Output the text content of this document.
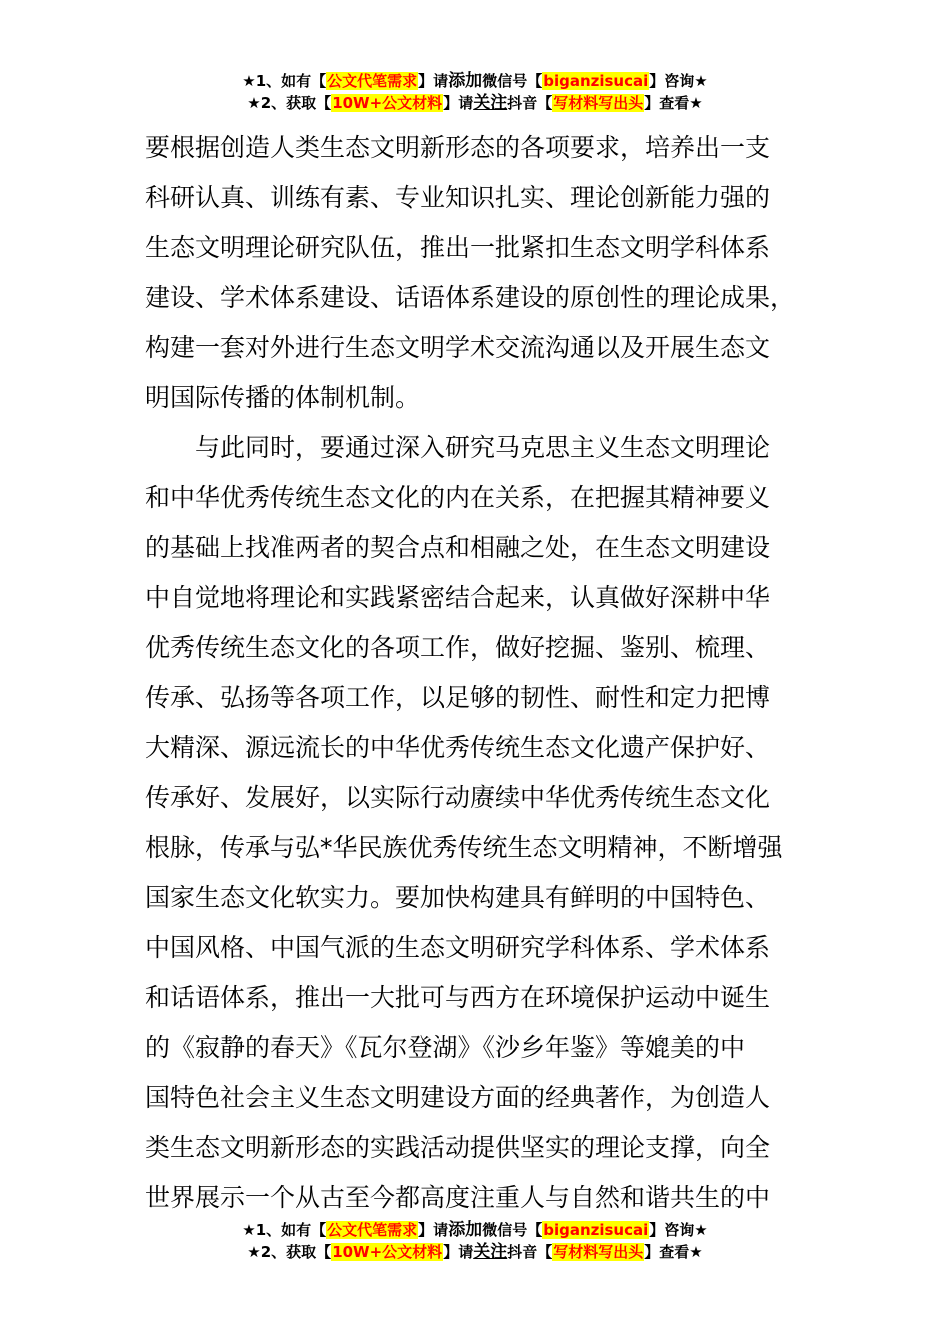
★1、如有【公文代笔需求】请添加微信号【biganzisucai】咨询★
★2、获取【10W+公文材料】请关注抖音【写材料写出头】查看★
要根据创造人类生态文明新形态的各项要求，培养出一支
科研认真、训练有素、专业知识扎实、理论创新能力强的
生态文明理论研究队伍，推出一批紧扣生态文明学科体系
建设、学术体系建设、话语体系建设的原创性的理论成果，
构建一套对外进行生态文明学术交流沟通以及开展生态文
明国际传播的体制机制。
与此同时，要通过深入研究马克思主义生态文明理论
和中华优秀传统生态文化的内在关系，在把握其精神要义
的基础上找准两者的契合点和相融之处，在生态文明建设
中自觉地将理论和实践紧密结合起来，认真做好深耕中华
优秀传统生态文化的各项工作，做好挖掘、鉴别、梳理、
传承、弘扬等各项工作，以足够的韧性、耐性和定力把博
大精深、源远流长的中华优秀传统生态文化遗产保护好、
传承好、发展好，以实际行动赓续中华优秀传统生态文化
根脉，传承与弘*华民族优秀传统生态文明精神，不断增强
国家生态文化软实力。要加快构建具有鲜明的中国特色、
中国风格、中国气派的生态文明研究学科体系、学术体系
和话语体系，推出一大批可与西方在环境保护运动中诞生
的《寂静的春天》《瓦尔登湖》《沙乡年鉴》等媲美的中
国特色社会主义生态文明建设方面的经典著作，为创造人
类生态文明新形态的实践活动提供坚实的理论支撑，向全
世界展示一个从古至今都高度注重人与自然和谐共生的中
★1、如有【公文代笔需求】请添加微信号【biganzisucai】咨询★
★2、获取【10W+公文材料】请关注抖音【写材料写出头】查看★
